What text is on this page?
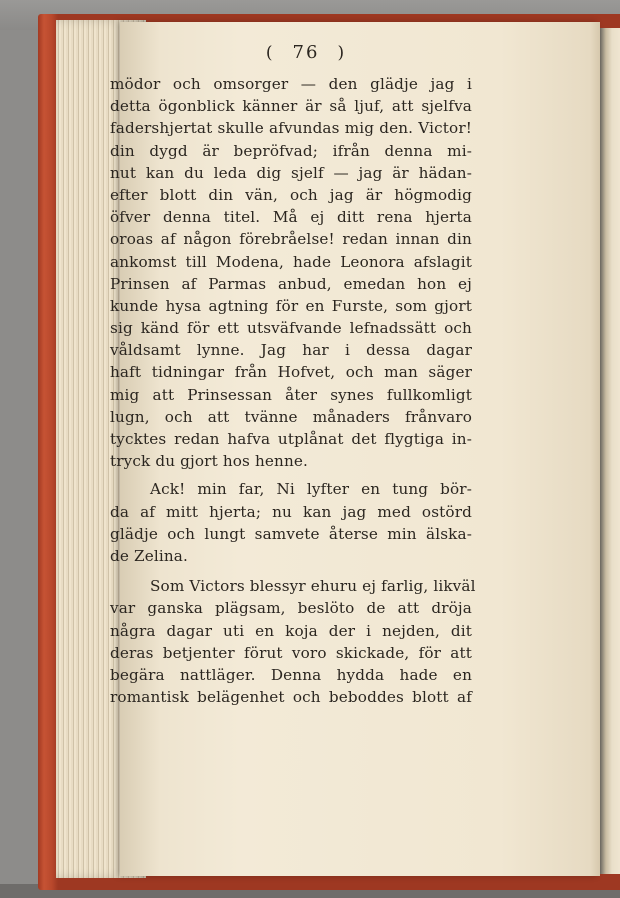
( 76 )
mödor och omsorger — den glädje jag i
detta ögonblick känner är så ljuf, att sjelfva
fadershjertat skulle afvundas mig den. Victor!
din dygd är bepröfvad; ifrån denna mi-
nut kan du leda dig sjelf — jag är hädan-
efter blott din vän, och jag är högmodig
öfver denna titel. Må ej ditt rena hjerta
oroas af någon förebråelse! redan innan din
ankomst till Modena, hade Leonora afslagit
Prinsen af Parmas anbud, emedan hon ej
kunde hysa agtning för en Furste, som gjort
sig känd för ett utsväfvande lefnadssätt och
våldsamt lynne. Jag har i dessa dagar
haft tidningar från Hofvet, och man säger
mig att Prinsessan åter synes fullkomligt
lugn, och att tvänne månaders frånvaro
tycktes redan hafva utplånat det flygtiga in-
tryck du gjort hos henne.
Ack! min far, Ni lyfter en tung bör-
da af mitt hjerta; nu kan jag med ostörd
glädje och lungt samvete återse min älska-
de Zelina.
Som Victors blessyr ehuru ej farlig, likväl
var ganska plägsam, beslöto de att dröja
några dagar uti en koja der i nejden, dit
deras betjenter förut voro skickade, för att
begära nattläger. Denna hydda hade en
romantisk belägenhet och beboddes blott af
